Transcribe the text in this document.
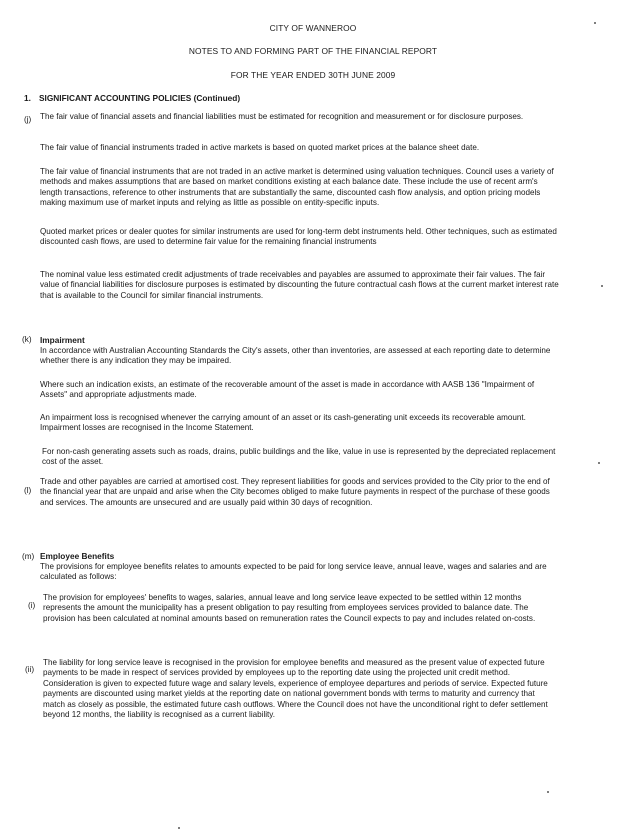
CITY OF WANNEROO
NOTES TO AND FORMING PART OF THE FINANCIAL REPORT
FOR THE YEAR ENDED 30TH JUNE 2009
1. SIGNIFICANT ACCOUNTING POLICIES (Continued)
(j) The fair value of financial assets and financial liabilities must be estimated for recognition and measurement or for disclosure purposes.

The fair value of financial instruments traded in active markets is based on quoted market prices at the balance sheet date.

The fair value of financial instruments that are not traded in an active market is determined using valuation techniques. Council uses a variety of methods and makes assumptions that are based on market conditions existing at each balance date. These include the use of recent arm's length transactions, reference to other instruments that are substantially the same, discounted cash flow analysis, and option pricing models making maximum use of market inputs and relying as little as possible on entity-specific inputs.

Quoted market prices or dealer quotes for similar instruments are used for long-term debt instruments held. Other techniques, such as estimated discounted cash flows, are used to determine fair value for the remaining financial instruments

The nominal value less estimated credit adjustments of trade receivables and payables are assumed to approximate their fair values. The fair value of financial liabilities for disclosure purposes is estimated by discounting the future contractual cash flows at the current market interest rate that is available to the Council for similar financial instruments.

(k) Impairment

In accordance with Australian Accounting Standards the City's assets, other than inventories, are assessed at each reporting date to determine whether there is any indication they may be impaired.

Where such an indication exists, an estimate of the recoverable amount of the asset is made in accordance with AASB 136 "Impairment of Assets" and appropriate adjustments made.

An impairment loss is recognised whenever the carrying amount of an asset or its cash-generating unit exceeds its recoverable amount. Impairment losses are recognised in the Income Statement.

For non-cash generating assets such as roads, drains, public buildings and the like, value in use is represented by the depreciated replacement cost of the asset.

(l)

Trade and other payables are carried at amortised cost. They represent liabilities for goods and services provided to the City prior to the end of the financial year that are unpaid and arise when the City becomes obliged to make future payments in respect of the purchase of these goods and services. The amounts are unsecured and are usually paid within 30 days of recognition.

(m) Employee Benefits

The provisions for employee benefits relates to amounts expected to be paid for long service leave, annual leave, wages and salaries and are calculated as follows:

(i)

The provision for employees' benefits to wages, salaries, annual leave and long service leave expected to be settled within 12 months represents the amount the municipality has a present obligation to pay resulting from employees services provided to balance date. The provision has been calculated at nominal amounts based on remuneration rates the Council expects to pay and includes related on-costs.

(ii)

The liability for long service leave is recognised in the provision for employee benefits and measured as the present value of expected future payments to be made in respect of services provided by employees up to the reporting date using the projected unit credit method. Consideration is given to expected future wage and salary levels, experience of employee departures and periods of service. Expected future payments are discounted using market yields at the reporting date on national government bonds with terms to maturity and currency that match as closely as possible, the estimated future cash outflows. Where the Council does not have the unconditional right to defer settlement beyond 12 months, the liability is recognised as a current liability.
